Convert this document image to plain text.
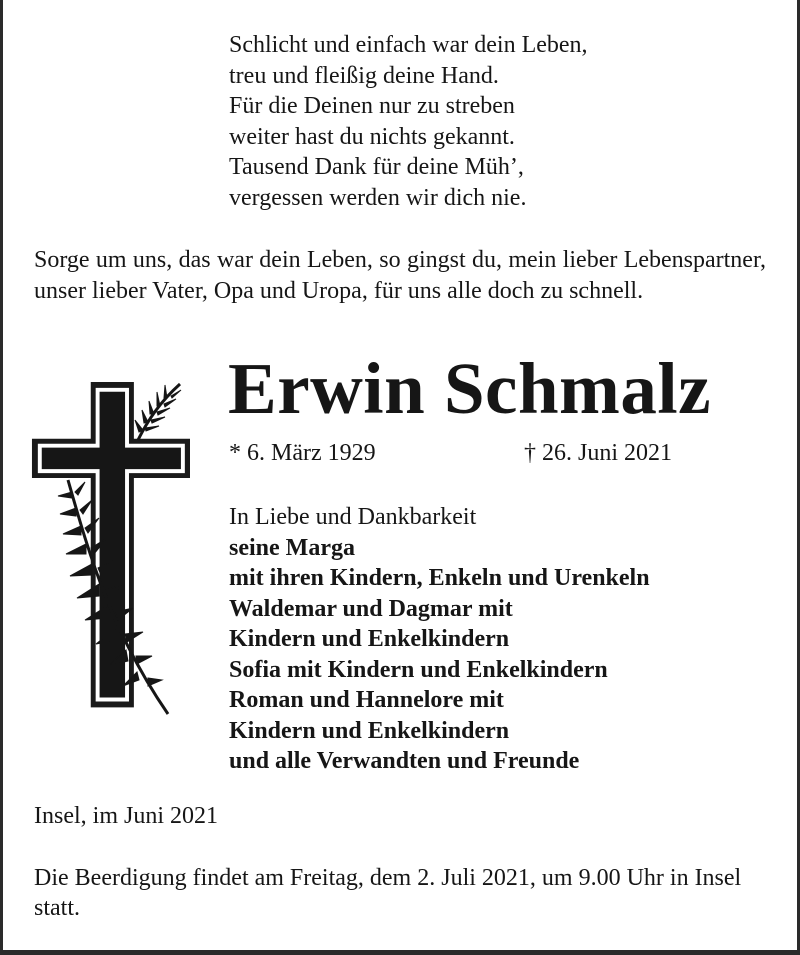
Schlicht und einfach war dein Leben,
treu und fleißig deine Hand.
Für die Deinen nur zu streben
weiter hast du nichts gekannt.
Tausend Dank für deine Müh’,
vergessen werden wir dich nie.
Sorge um uns, das war dein Leben, so gingst du, mein lieber Lebenspartner, unser lieber Vater, Opa und Uropa, für uns alle doch zu schnell.
Erwin Schmalz
* 6. März 1929	† 26. Juni 2021
In Liebe und Dankbarkeit
seine Marga
mit ihren Kindern, Enkeln und Urenkeln
Waldemar und Dagmar mit
Kindern und Enkelkindern
Sofia mit Kindern und Enkelkindern
Roman und Hannelore mit
Kindern und Enkelkindern
und alle Verwandten und Freunde
Insel, im Juni 2021
Die Beerdigung findet am Freitag, dem 2. Juli 2021, um 9.00 Uhr in Insel statt.
